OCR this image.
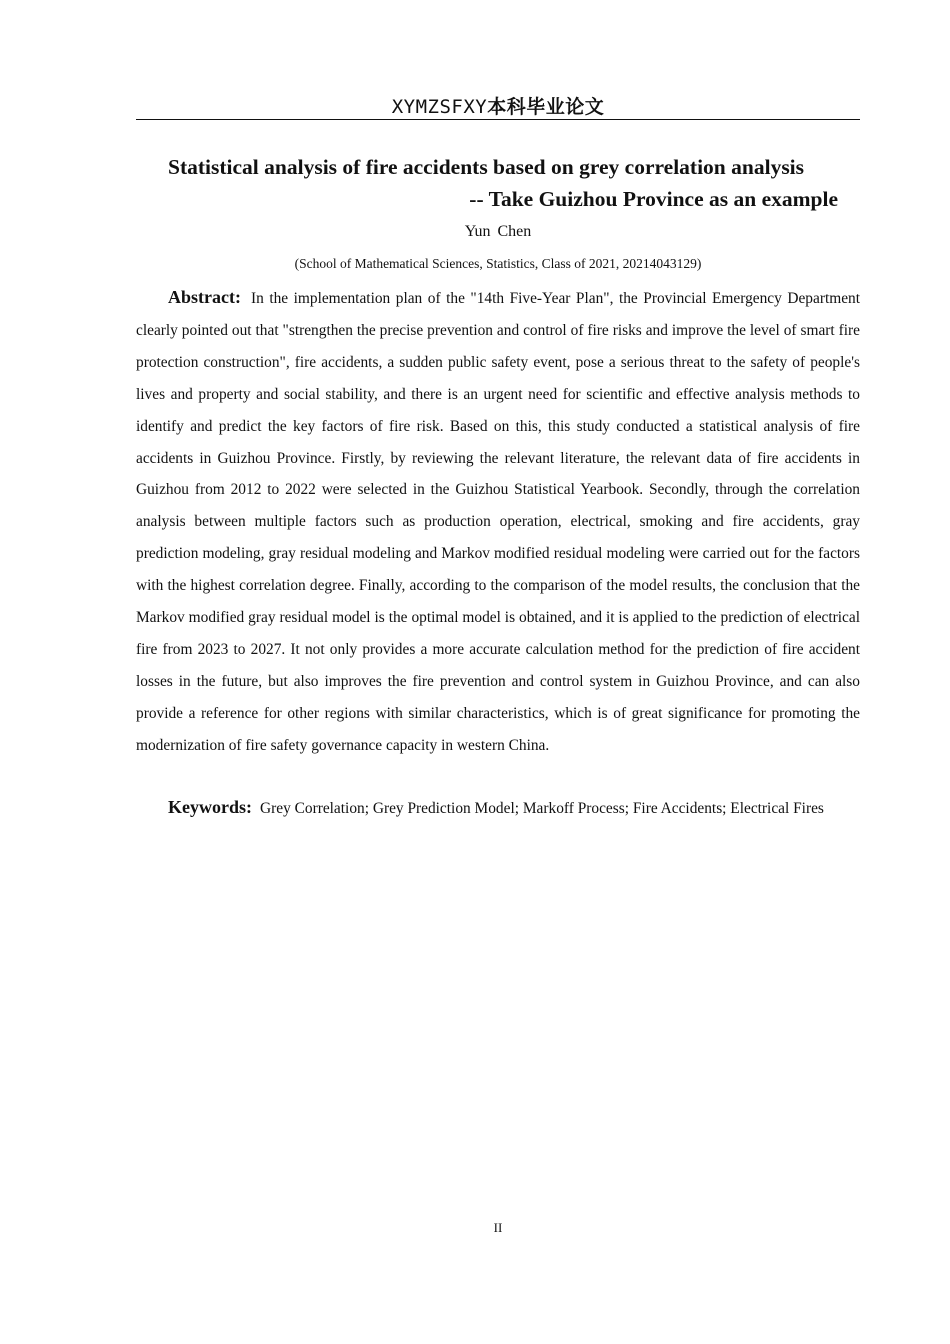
XYMZSFXY本科毕业论文
Statistical analysis of fire accidents based on grey correlation analysis
-- Take Guizhou Province as an example
Yun Chen
(School of Mathematical Sciences, Statistics, Class of 2021, 20214043129)

Abstract: In the implementation plan of the "14th Five-Year Plan", the Provincial Emergency Department clearly pointed out that "strengthen the precise prevention and control of fire risks and improve the level of smart fire protection construction", fire accidents, a sudden public safety event, pose a serious threat to the safety of people's lives and property and social stability, and there is an urgent need for scientific and effective analysis methods to identify and predict the key factors of fire risk. Based on this, this study conducted a statistical analysis of fire accidents in Guizhou Province. Firstly, by reviewing the relevant literature, the relevant data of fire accidents in Guizhou from 2012 to 2022 were selected in the Guizhou Statistical Yearbook. Secondly, through the correlation analysis between multiple factors such as production operation, electrical, smoking and fire accidents, gray prediction modeling, gray residual modeling and Markov modified residual modeling were carried out for the factors with the highest correlation degree. Finally, according to the comparison of the model results, the conclusion that the Markov modified gray residual model is the optimal model is obtained, and it is applied to the prediction of electrical fire from 2023 to 2027. It not only provides a more accurate calculation method for the prediction of fire accident losses in the future, but also improves the fire prevention and control system in Guizhou Province, and can also provide a reference for other regions with similar characteristics, which is of great significance for promoting the modernization of fire safety governance capacity in western China.

Keywords: Grey Correlation; Grey Prediction Model; Markoff Process; Fire Accidents; Electrical Fires

II
